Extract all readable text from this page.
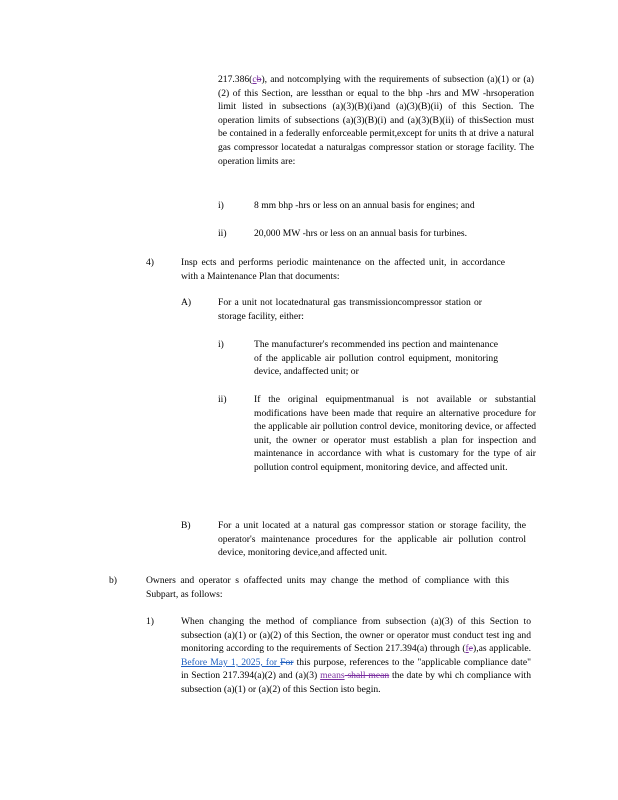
217.386(cb), and notcomplying with the requirements of subsection (a)(1) or (a)(2) of this Section, are lessthan or equal to the bhp -hrs and MW -hrsoperation limit listed in subsections (a)(3)(B)(i)and (a)(3)(B)(ii) of this Section. The operation limits of subsections (a)(3)(B)(i) and (a)(3)(B)(ii) of thisSection must be contained in a federally enforceable permit,except for units th at drive a natural gas compressor locatedat a naturalgas compressor station or storage facility. The operation limits are:
i)	8 mm bhp -hrs or less on an annual basis for engines; and
ii)	20,000 MW -hrs or less on an annual basis for turbines.
4)	Insp ects and performs periodic maintenance on the affected unit, in accordance with a Maintenance Plan that documents:
A)	For a unit not locatednatural gas transmissioncompressor station or storage facility, either:
i)	The manufacturer's recommended ins pection and maintenance of the applicable air pollution control equipment, monitoring device, andaffected unit; or
ii)	If the original equipmentmanual is not available or substantial modifications have been made that require an alternative procedure for the applicable air pollution control device, monitoring device, or affected unit, the owner or operator must establish a plan for inspection and maintenance in accordance with what is customary for the type of air pollution control equipment, monitoring device, and affected unit.
B)	For a unit located at a natural gas compressor station or storage facility, the operator's maintenance procedures for the applicable air pollution control device, monitoring device,and affected unit.
b)	Owners and operator s ofaffected units may change the method of compliance with this Subpart, as follows:
1)	When changing the method of compliance from subsection (a)(3) of this Section to subsection (a)(1) or (a)(2) of this Section, the owner or operator must conduct test ing and monitoring according to the requirements of Section 217.394(a) through (fe),as applicable. Before May 1, 2025, for For this purpose, references to the "applicable compliance date" in Section 217.394(a)(2) and (a)(3) means shall mean the date by whi ch compliance with subsection (a)(1) or (a)(2) of this Section isto begin.
